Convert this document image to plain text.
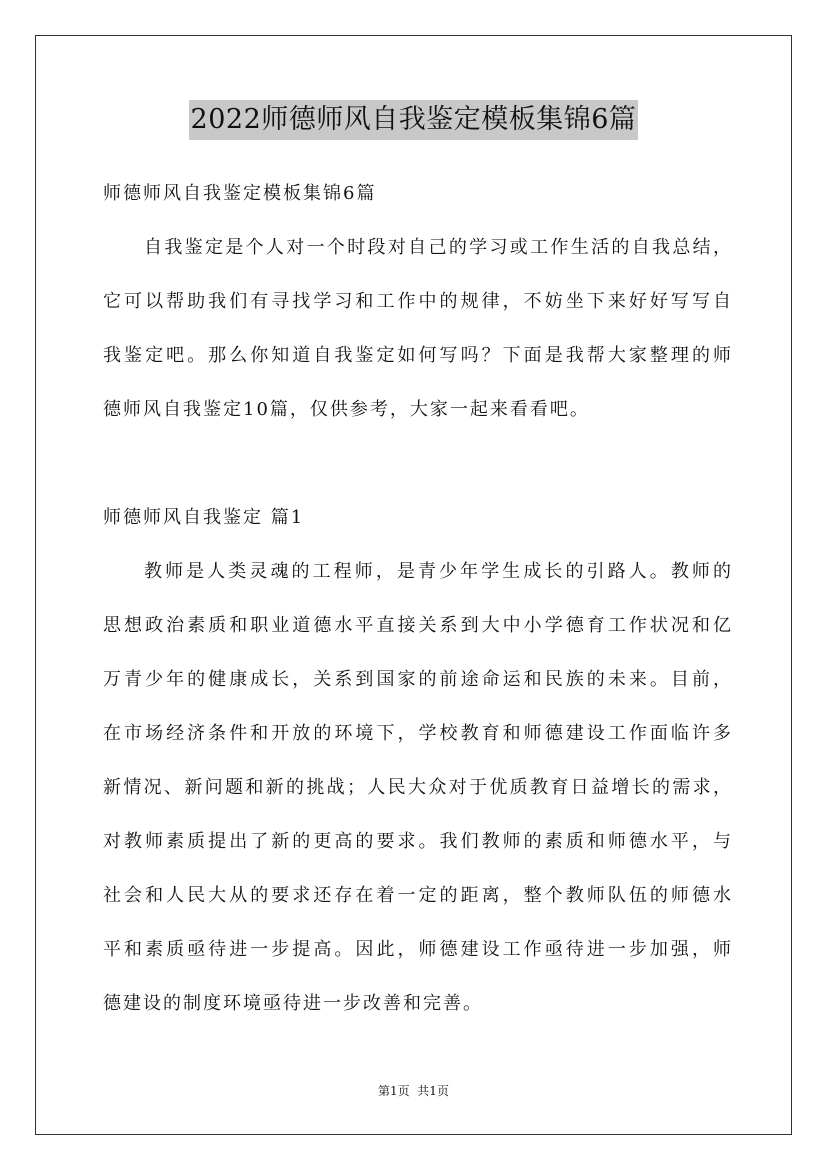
2022师德师风自我鉴定模板集锦6篇
师德师风自我鉴定模板集锦6篇
自我鉴定是个人对一个时段对自己的学习或工作生活的自我总结，
它可以帮助我们有寻找学习和工作中的规律，不妨坐下来好好写写自
我鉴定吧。那么你知道自我鉴定如何写吗？下面是我帮大家整理的师
德师风自我鉴定10篇，仅供参考，大家一起来看看吧。
师德师风自我鉴定 篇1
教师是人类灵魂的工程师，是青少年学生成长的引路人。教师的
思想政治素质和职业道德水平直接关系到大中小学德育工作状况和亿
万青少年的健康成长，关系到国家的前途命运和民族的未来。目前，
在市场经济条件和开放的环境下，学校教育和师德建设工作面临许多
新情况、新问题和新的挑战；人民大众对于优质教育日益增长的需求，
对教师素质提出了新的更高的要求。我们教师的素质和师德水平，与
社会和人民大从的要求还存在着一定的距离，整个教师队伍的师德水
平和素质亟待进一步提高。因此，师德建设工作亟待进一步加强，师
德建设的制度环境亟待进一步改善和完善。
第1页  共1页
